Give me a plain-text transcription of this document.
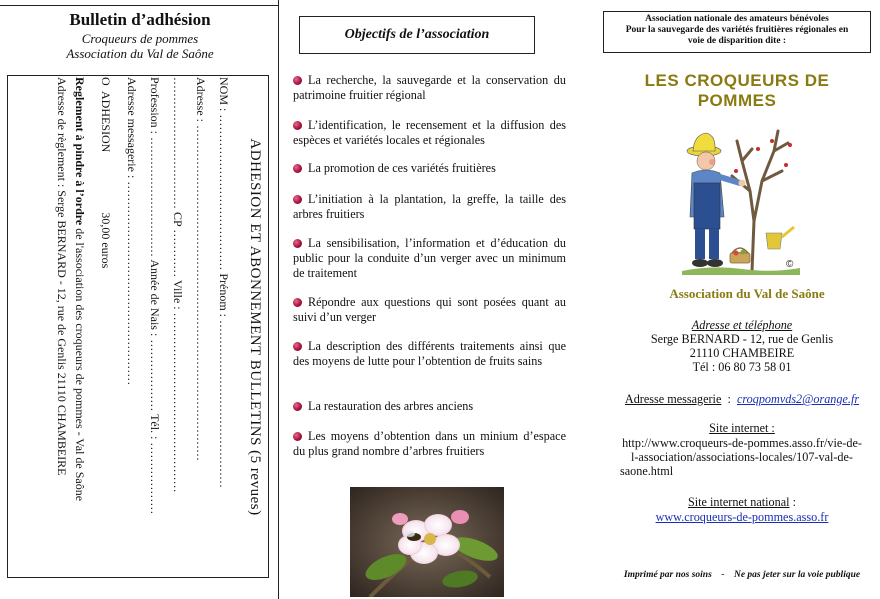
Bulletin d’adhésion
Croqueurs de pommes
Association du Val de Saône
ADHESION ET ABONNEMENT BULLETINS (5 revues)
NOM : ………………………………… Prénom : ……………………………………
Adresse : …………………………………………………………………………
…………………………… CP ………… Ville : ………………………………………
Profession : ………………………… Année de Nais : ……………… Tél. : ………………
Adresse messagerie : ……………………………………………
O  ADHESION                    30,00 euros
Reglement à pindre à l’ordre de l'association des croqueurs de pommes - Val de Saône
Adresse de règlement : Serge BERNARD - 12, rue de Genlis 21110 CHAMBEIRE
Objectifs de l’association
La recherche, la sauvegarde et la conservation du patrimoine fruitier régional
L’identification, le recensement et la diffusion des espèces et variétés locales et régionales
La promotion de ces variétés fruitières
L’initiation à la plantation, la greffe, la taille des arbres fruitiers
La sensibilisation, l’information et d’éducation du public pour la conduite d’un verger avec un minimum de traitement
Répondre aux questions qui sont posées quant au suivi d’un verger
La description des différents traitements ainsi que des moyens de lutte pour l’obtention de fruits sains
La restauration des arbres anciens
Les moyens d’obtention dans un minium d’espace du plus grand nombre d’arbres fruitiers
Association nationale des amateurs bénévoles
Pour la sauvegarde des variétés fruitières régionales en
voie de disparition dite :
LES CROQUEURS DE
POMMES
©
Association du Val de Saône
Adresse et téléphone
Serge BERNARD - 12, rue de Genlis
21110 CHAMBEIRE
Tél : 06 80 73 58 01
Adresse messagerie  :  croqpomvds2@orange.fr
Site internet :
http://www.croqueurs-de-pommes.asso.fr/vie-de-
l-association/associations-locales/107-val-de-
saone.html
Site internet national :
www.croqueurs-de-pommes.asso.fr
Imprimé par nos soins    -    Ne pas jeter sur la voie publique
